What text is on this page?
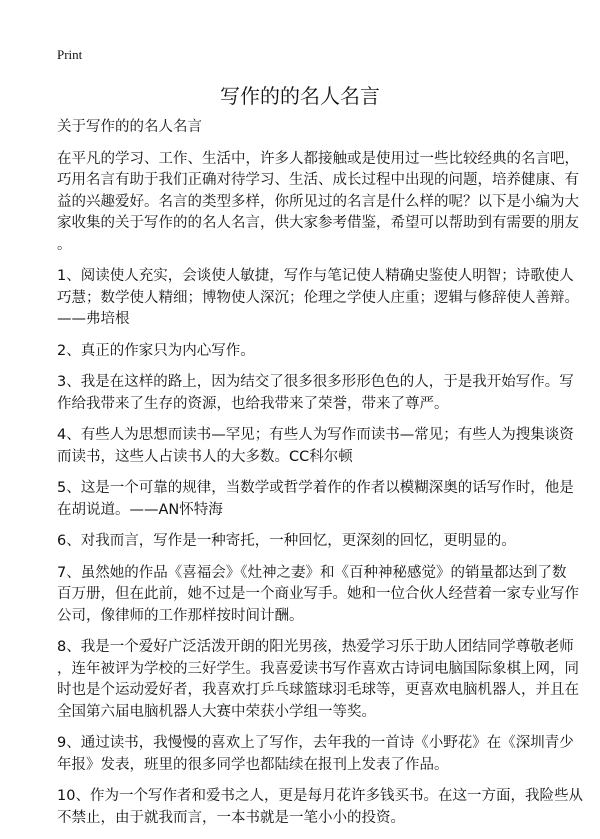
Print
写作的的名人名言
关于写作的的名人名言
在平凡的学习、工作、生活中，许多人都接触或是使用过一些比较经典的名言吧，
巧用名言有助于我们正确对待学习、生活、成长过程中出现的问题，培养健康、有
益的兴趣爱好。名言的类型多样，你所见过的名言是什么样的呢？以下是小编为大
家收集的关于写作的的名人名言，供大家参考借鉴，希望可以帮助到有需要的朋友
。
1、阅读使人充实，会谈使人敏捷，写作与笔记使人精确史鉴使人明智；诗歌使人
巧慧；数学使人精细；博物使人深沉；伦理之学使人庄重；逻辑与修辞使人善辩。
——弗培根
2、真正的作家只为内心写作。
3、我是在这样的路上，因为结交了很多很多形形色色的人，于是我开始写作。写
作给我带来了生存的资源，也给我带来了荣誉，带来了尊严。
4、有些人为思想而读书—罕见；有些人为写作而读书—常见；有些人为搜集谈资
而读书，这些人占读书人的大多数。CC科尔顿
5、这是一个可靠的规律，当数学或哲学着作的作者以模糊深奥的话写作时，他是
在胡说道。——AN怀特海
6、对我而言，写作是一种寄托，一种回忆，更深刻的回忆，更明显的。
7、虽然她的作品《喜福会》《灶神之妻》和《百种神秘感觉》的销量都达到了数
百万册，但在此前，她不过是一个商业写手。她和一位合伙人经营着一家专业写作
公司，像律师的工作那样按时间计酬。
8、我是一个爱好广泛活泼开朗的阳光男孩，热爱学习乐于助人团结同学尊敬老师
，连年被评为学校的三好学生。我喜爱读书写作喜欢古诗词电脑国际象棋上网，同
时也是个运动爱好者，我喜欢打乒乓球篮球羽毛球等，更喜欢电脑机器人，并且在
全国第六届电脑机器人大赛中荣获小学组一等奖。
9、通过读书，我慢慢的喜欢上了写作，去年我的一首诗《小野花》在《深圳青少
年报》发表，班里的很多同学也都陆续在报刊上发表了作品。
10、作为一个写作者和爱书之人，更是每月花许多钱买书。在这一方面，我险些从
不禁止，由于就我而言，一本书就是一笔小小的投资。
